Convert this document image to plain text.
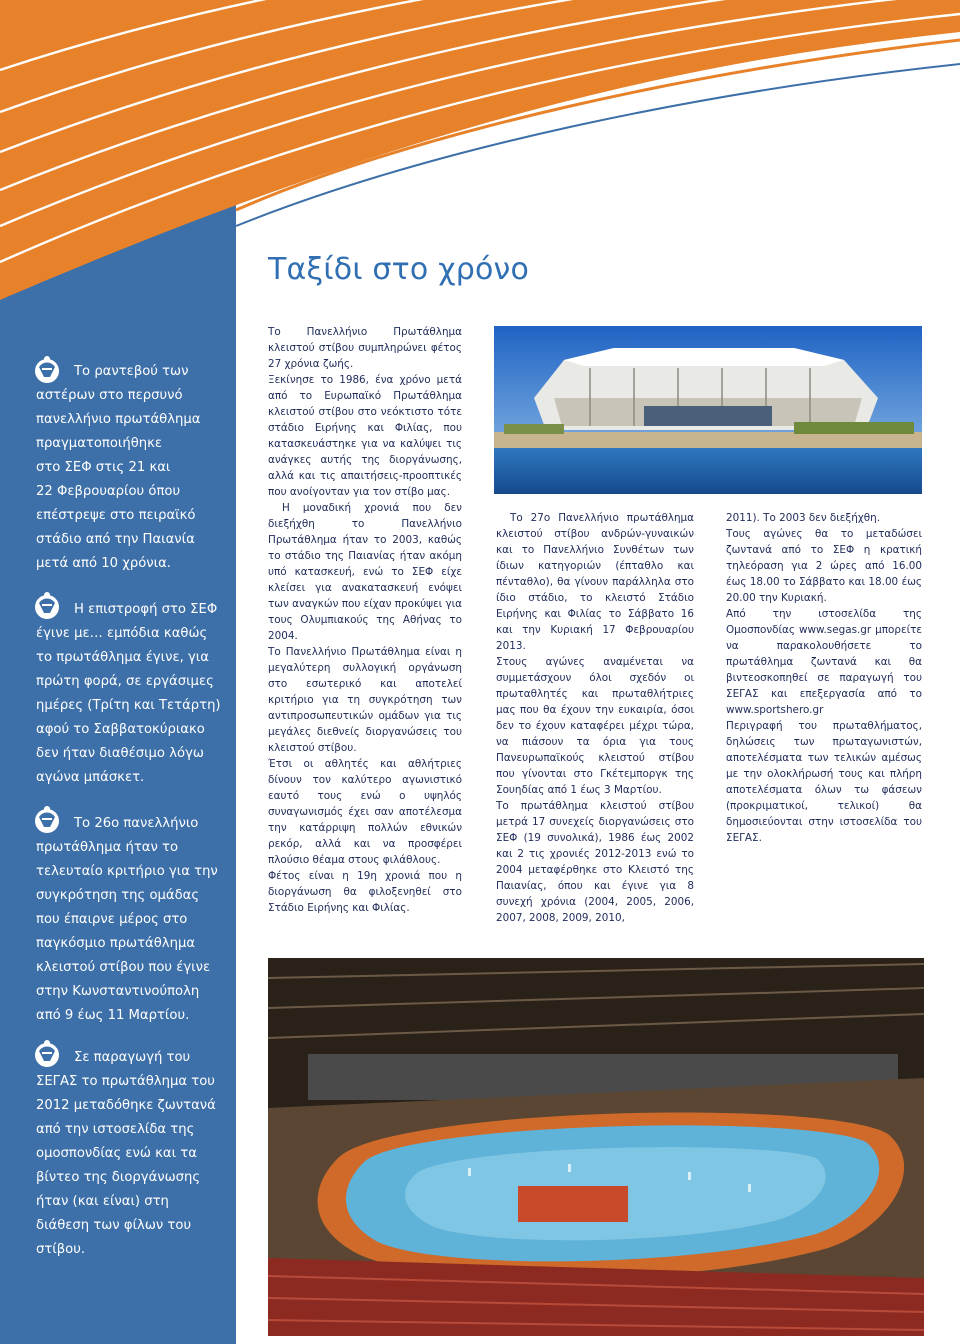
Ταξίδι στο χρόνο

Το ραντεβού των

αστέρων στο περσυνό

πανελλήνιο πρωτάθλημα

πραγματοποιήθηκε

στο ΣΕΦ στις 21 και

22 Φεβρουαρίου όπου

επέστρεψε στο πειραϊκό

στάδιο από την Παιανία

μετά από 10 χρόνια.

Η επιστροφή στο ΣΕΦ

έγινε με… εμπόδια καθώς

το πρωτάθλημα έγινε, για

πρώτη φορά, σε εργάσιμες

ημέρες (Τρίτη και Τετάρτη)

αφού το Σαββατοκύριακο

δεν ήταν διαθέσιμο λόγω

αγώνα μπάσκετ.

Το 26ο πανελλήνιο

πρωτάθλημα ήταν το

τελευταίο κριτήριο για την

συγκρότηση της ομάδας

που έπαιρνε μέρος στο

παγκόσμιο πρωτάθλημα

κλειστού στίβου που έγινε

στην Κωνσταντινούπολη

από 9 έως 11 Μαρτίου.

Σε παραγωγή του

ΣΕΓΑΣ το πρωτάθλημα του

2012 μεταδόθηκε ζωντανά

από την ιστοσελίδα της

ομοσπονδίας ενώ και τα

βίντεο της διοργάνωσης

ήταν (και είναι) στη

διάθεση των φίλων του

στίβου.

Το Πανελλήνιο Πρωτάθλημα κλειστού στίβου συμπληρώνει φέτος 27 χρόνια ζωής.

Ξεκίνησε το 1986, ένα χρόνο μετά από το Ευρωπαϊκό Πρωτάθλημα κλειστού στίβου στο νεόκτιστο τότε στάδιο Ειρήνης και Φιλίας, που κατασκευάστηκε για να καλύψει τις ανάγκες αυτής της διοργάνωσης, αλλά και τις απαιτήσεις-προοπτικές που ανοίγονταν για τον στίβο μας.

Η μοναδική χρονιά που δεν διεξήχθη το Πανελλήνιο Πρωτάθλημα ήταν το 2003, καθώς το στάδιο της Παιανίας ήταν ακόμη υπό κατασκευή, ενώ το ΣΕΦ είχε κλείσει για ανακατασκευή ενόψει των αναγκών που είχαν προκύψει για τους Ολυμπιακούς της Αθήνας το 2004.

Το Πανελλήνιο Πρωτάθλημα είναι η μεγαλύτερη συλλογική οργάνωση στο εσωτερικό και αποτελεί κριτήριο για τη συγκρότηση των αντιπροσωπευτικών ομάδων για τις μεγάλες διεθνείς διοργανώσεις του κλειστού στίβου.

Έτσι οι αθλητές και αθλήτριες δίνουν τον καλύτερο αγωνιστικό εαυτό τους ενώ ο υψηλός συναγωνισμός έχει σαν αποτέλεσμα την κατάρριψη πολλών εθνικών ρεκόρ, αλλά και να προσφέρει πλούσιο θέαμα στους φιλάθλους.

Φέτος είναι η 19η χρονιά που η διοργάνωση θα φιλοξενηθεί στο Στάδιο Ειρήνης και Φιλίας.

Το 27ο Πανελλήνιο πρωτάθλημα κλειστού στίβου ανδρών-γυναικών και το Πανελλήνιο Συνθέτων των ίδιων κατηγοριών (έπταθλο και πένταθλο), θα γίνουν παράλληλα στο ίδιο στάδιο, το κλειστό Στάδιο Ειρήνης και Φιλίας το Σάββατο 16 και την Κυριακή 17 Φεβρουαρίου 2013.

Στους αγώνες αναμένεται να συμμετάσχουν όλοι σχεδόν οι πρωταθλητές και πρωταθλήτριες μας που θα έχουν την ευκαιρία, όσοι δεν το έχουν καταφέρει μέχρι τώρα, να πιάσουν τα όρια για τους Πανευρωπαϊκούς κλειστού στίβου που γίνονται στο Γκέτεμποργκ της Σουηδίας από 1 έως 3 Μαρτίου.

Το πρωτάθλημα κλειστού στίβου μετρά 17 συνεχείς διοργανώσεις στο ΣΕΦ (19 συνολικά), 1986 έως 2002 και 2 τις χρονιές 2012-2013 ενώ το 2004 μεταφέρθηκε στο Κλειστό της Παιανίας, όπου και έγινε για 8 συνεχή χρόνια (2004, 2005, 2006, 2007, 2008, 2009, 2010,

2011). Το 2003 δεν διεξήχθη.

Τους αγώνες θα το μεταδώσει ζωντανά από το ΣΕΦ η κρατική τηλεόραση για 2 ώρες από 16.00 έως 18.00 το Σάββατο και 18.00 έως 20.00 την Κυριακή.

Από την ιστοσελίδα της Ομοσπονδίας www.segas.gr μπορείτε να παρακολουθήσετε το πρωτάθλημα ζωντανά και θα βιντεοσκοπηθεί σε παραγωγή του ΣΕΓΑΣ και επεξεργασία από το www.sportshero.gr

Περιγραφή του πρωταθλήματος, δηλώσεις των πρωταγωνιστών, αποτελέσματα των τελικών αμέσως με την ολοκλήρωσή τους και πλήρη αποτελέσματα όλων τω φάσεων (προκριματικοί, τελικοί) θα δημοσιεύονται στην ιστοσελίδα του ΣΕΓΑΣ.
